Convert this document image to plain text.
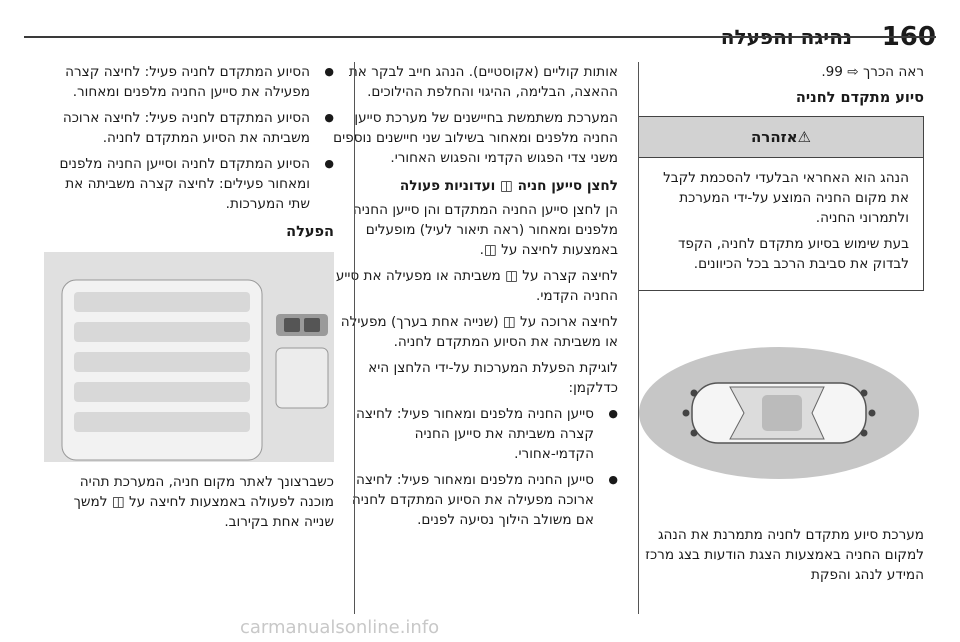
160
נהיגה והפעלה
ראה הכרך ⇨ 99.
סיוע מתקדם לחניה
⚠אזהרה
הנהג הוא האחראי הבלעדי להסכמת לקבל את מקום החניה המוצע על-ידי המערכת ולתמרוני החניה.
בעת שימוש בסיוע מתקדם לחניה, הקפד לבדוק את סביבת הרכב בכל הכיוונים.
מערכת סיוע מתקדם לחניה מתמרנת את הנהג למקום החניה באמצעות הצגת הודעות בצג מרכז המידע לנהג והפקת
אותות קוליים (אקוסטיים). הנהג חייב לבקר את ההאצה, הבלימה, ההיגוי והחלפת ההילוכים.
המערכת משתמשת בחיישנים של מערכת סייען החניה מלפנים ומאחור בשילוב שני חיישנים נוספים משני צדי הפגוש הקדמי והפגוש האחורי.
לחצן סייען חניה ◫ ועדוניות פעולה
הן לחצן סייען החניה המתקדם והן סייען החניה מלפנים ומאחור (ראה תיאור לעיל) מופעלים באמצעות לחיצה על ◫.
לחיצה קצרה על ◫ משביתה או מפעילה את סייע החניה הקדמי.
לחיצה ארוכה על ◫ (שנייה אחת בערך) מפעילה או משביתה את הסיוע המתקדם לחניה.
לוגיקת הפעלת המערכות על-ידי הלחצן היא כדלקמן:
● סייען החניה מלפנים ומאחור פעיל: לחיצה קצרה משביתה את סייען החניה הקדמי-אחורי.
● סייען החניה מלפנים ומאחור פעיל: לחיצה ארוכה מפעילה את הסיוע המתקדם לחניה אם משולב הילוך נסיעה לפנים.
● הסיוע המתקדם לחניה פעיל: לחיצה קצרה מפעילה את סייען החניה מלפנים ומאחור.
● הסיוע המתקדם לחניה פעיל: לחיצה ארוכה משביתה את הסיוע המתקדם לחניה.
● הסיוע המתקדם לחניה וסייען החניה מלפנים ומאחור פעילים: לחיצה קצרה משביתה את שתי המערכות.
הפעלה
כשברצונך לאתר מקום חניה, המערכת תהיה מוכנה לפעולה באמצעות לחיצה על ◫ למשך שנייה אחת בקירוב.
carmanualsonline.info
